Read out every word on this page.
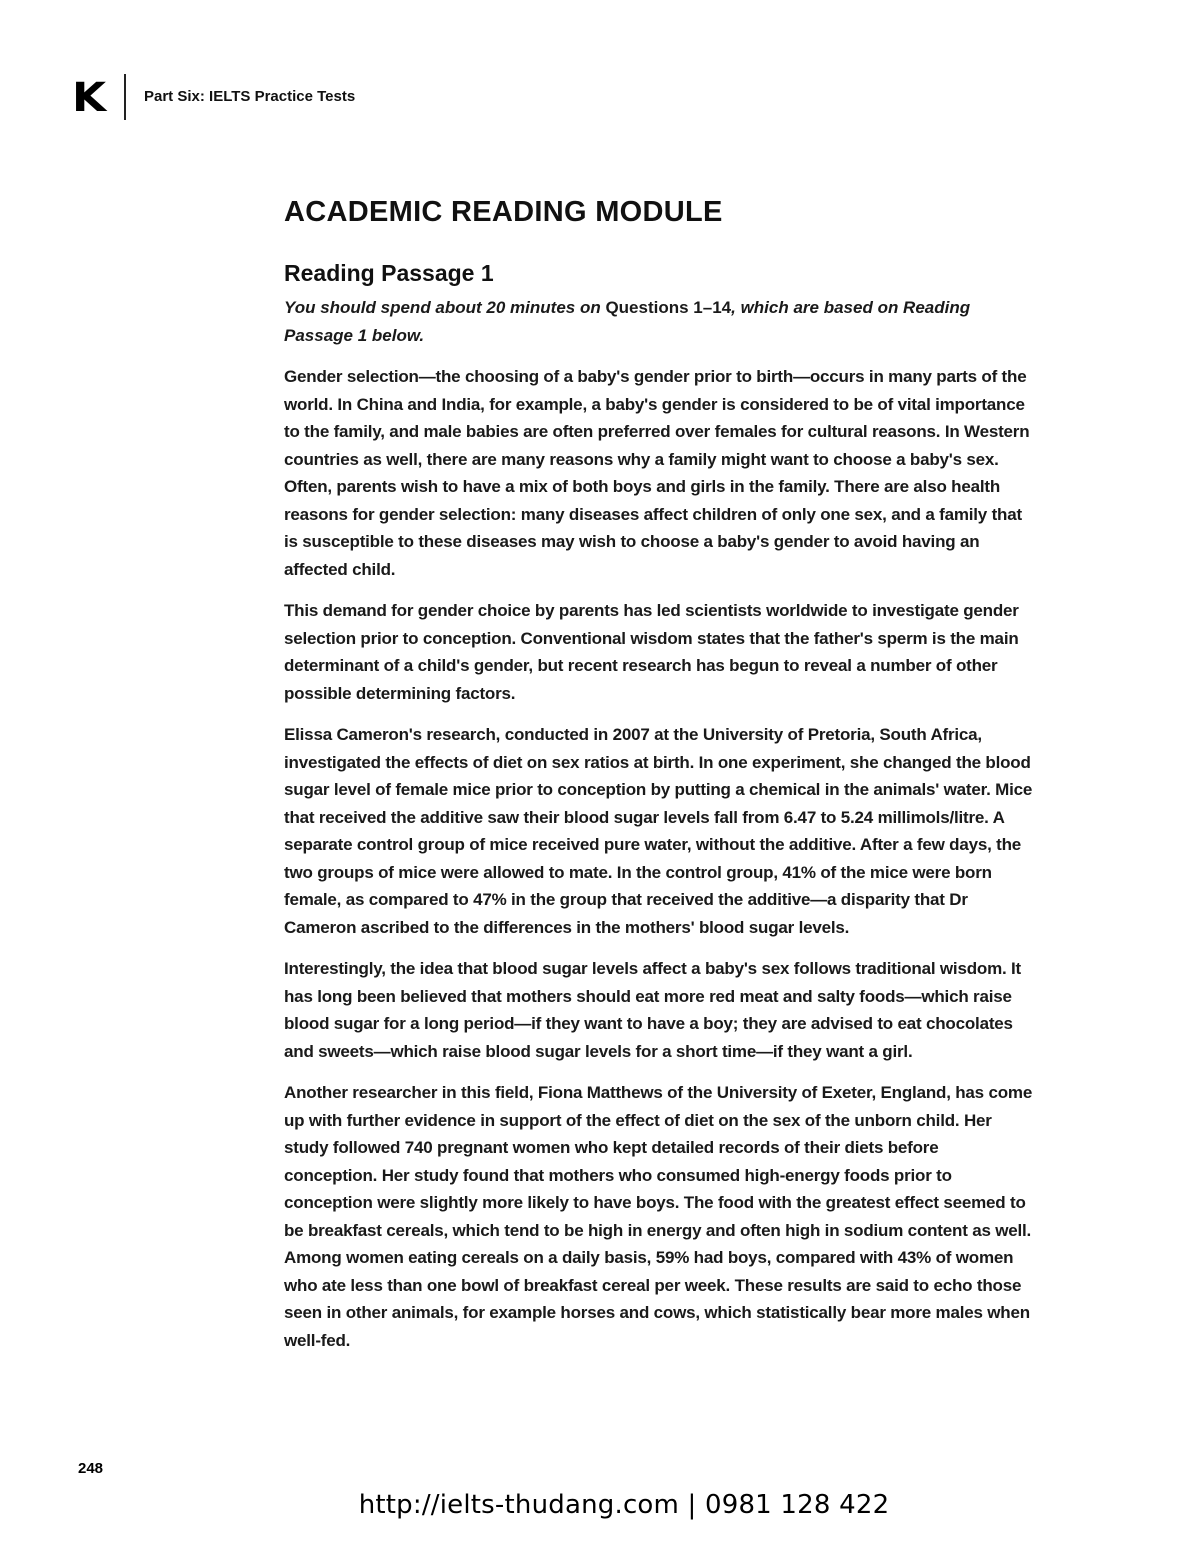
K	Part Six: IELTS Practice Tests
ACADEMIC READING MODULE
Reading Passage 1

You should spend about 20 minutes on Questions 1–14, which are based on Reading Passage 1 below.

Gender selection—the choosing of a baby's gender prior to birth—occurs in many parts of the world. In China and India, for example, a baby's gender is considered to be of vital importance to the family, and male babies are often preferred over females for cultural reasons. In Western countries as well, there are many reasons why a family might want to choose a baby's sex. Often, parents wish to have a mix of both boys and girls in the family. There are also health reasons for gender selection: many diseases affect children of only one sex, and a family that is susceptible to these diseases may wish to choose a baby's gender to avoid having an affected child.

This demand for gender choice by parents has led scientists worldwide to investigate gender selection prior to conception. Conventional wisdom states that the father's sperm is the main determinant of a child's gender, but recent research has begun to reveal a number of other possible determining factors.

Elissa Cameron's research, conducted in 2007 at the University of Pretoria, South Africa, investigated the effects of diet on sex ratios at birth. In one experiment, she changed the blood sugar level of female mice prior to conception by putting a chemical in the animals' water. Mice that received the additive saw their blood sugar levels fall from 6.47 to 5.24 millimols/litre. A separate control group of mice received pure water, without the additive. After a few days, the two groups of mice were allowed to mate. In the control group, 41% of the mice were born female, as compared to 47% in the group that received the additive—a disparity that Dr Cameron ascribed to the differences in the mothers' blood sugar levels.

Interestingly, the idea that blood sugar levels affect a baby's sex follows traditional wisdom. It has long been believed that mothers should eat more red meat and salty foods—which raise blood sugar for a long period—if they want to have a boy; they are advised to eat chocolates and sweets—which raise blood sugar levels for a short time—if they want a girl.

Another researcher in this field, Fiona Matthews of the University of Exeter, England, has come up with further evidence in support of the effect of diet on the sex of the unborn child. Her study followed 740 pregnant women who kept detailed records of their diets before conception. Her study found that mothers who consumed high-energy foods prior to conception were slightly more likely to have boys. The food with the greatest effect seemed to be breakfast cereals, which tend to be high in energy and often high in sodium content as well. Among women eating cereals on a daily basis, 59% had boys, compared with 43% of women who ate less than one bowl of breakfast cereal per week. These results are said to echo those seen in other animals, for example horses and cows, which statistically bear more males when well-fed.

248
http://ielts-thudang.com | 0981 128 422
